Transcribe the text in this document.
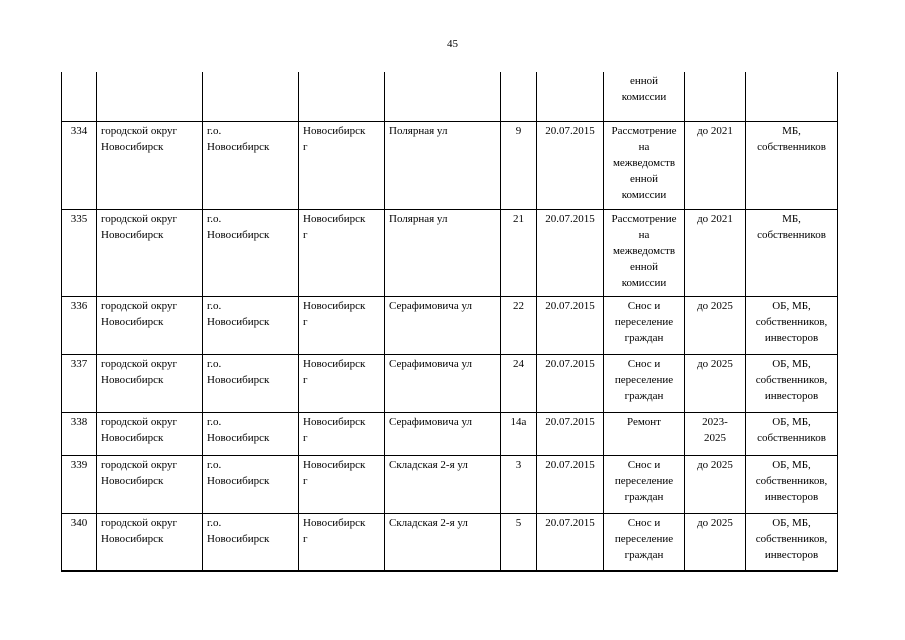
45

							енной
комиссии		

334	городской округ
Новосибирск	г.о.
Новосибирск	Новосибирск
г	Полярная ул	9	20.07.2015	Рассмотрение
на
межведомств
енной
комиссии	до 2021	МБ,
собственников

335	городской округ
Новосибирск	г.о.
Новосибирск	Новосибирск
г	Полярная ул	21	20.07.2015	Рассмотрение
на
межведомств
енной
комиссии	до 2021	МБ,
собственников

336	городской округ
Новосибирск	г.о.
Новосибирск	Новосибирск
г	Серафимовича ул	22	20.07.2015	Снос и
переселение
граждан	до 2025	ОБ, МБ,
собственников,
инвесторов

337	городской округ
Новосибирск	г.о.
Новосибирск	Новосибирск
г	Серафимовича ул	24	20.07.2015	Снос и
переселение
граждан	до 2025	ОБ, МБ,
собственников,
инвесторов

338	городской округ
Новосибирск	г.о.
Новосибирск	Новосибирск
г	Серафимовича ул	14а	20.07.2015	Ремонт	2023-
2025	ОБ, МБ,
собственников

339	городской округ
Новосибирск	г.о.
Новосибирск	Новосибирск
г	Складская 2-я ул	3	20.07.2015	Снос и
переселение
граждан	до 2025	ОБ, МБ,
собственников,
инвесторов

340	городской округ
Новосибирск	г.о.
Новосибирск	Новосибирск
г	Складская 2-я ул	5	20.07.2015	Снос и
переселение
граждан	до 2025	ОБ, МБ,
собственников,
инвесторов
